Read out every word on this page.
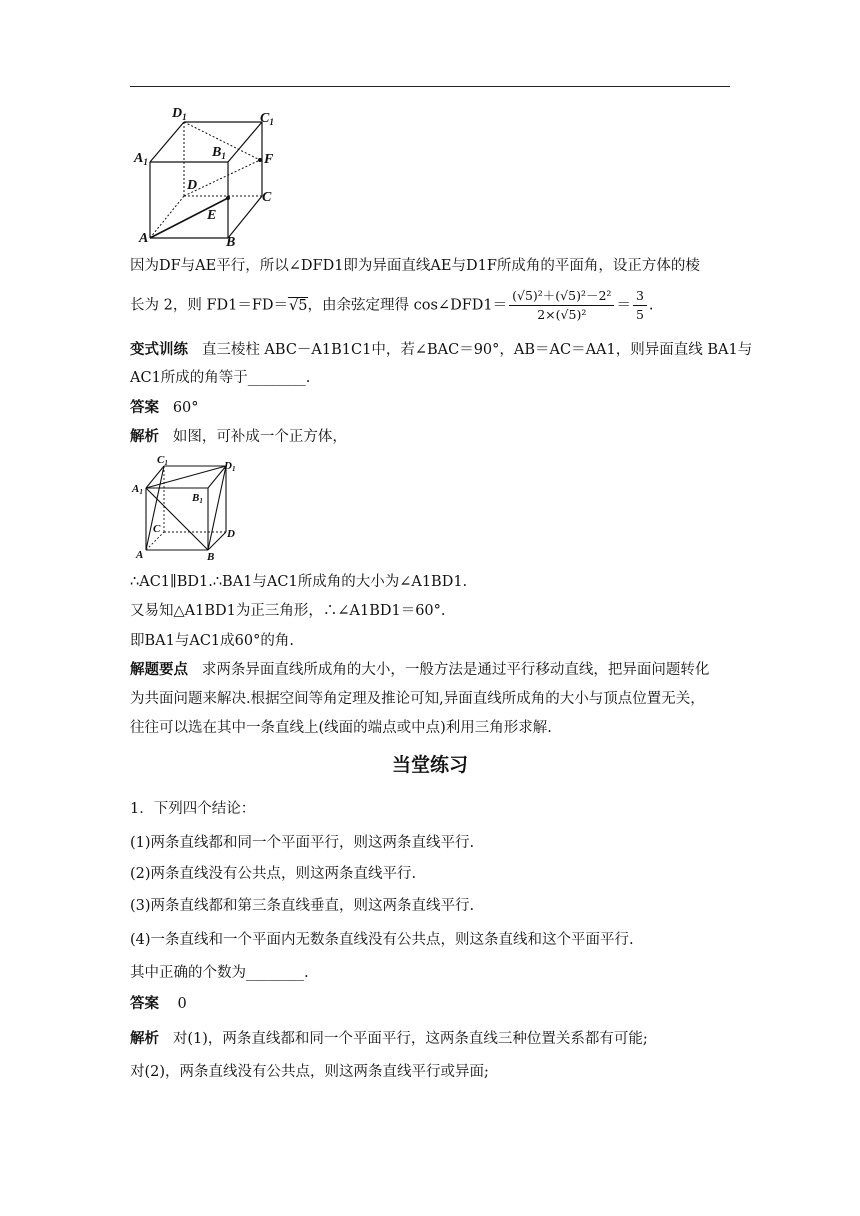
$D_1$	$C_1$
$A_1$
$B_1$	F
D
C
E
A	B
因为DF与AE平行，所以∠DFD1即为异面直线AE与D1F所成角的平面角，设正方体的棱
长为 2，则 FD1＝FD＝√5，由余弦定理得 cos∠DFD1＝ $\frac{\text{(√5)²＋(√5)²－2²}}{\text{2×(√5)²}} = \frac{3}{5}$ .
变式训练 直三棱柱 ABC－A1B1C1中，若∠BAC＝90°，AB＝AC＝AA1，则异面直线 BA1与
AC1所成的角等于________.
答案 60°
解析 如图，可补成一个正方体，
C1	D1
A1	B1
C	D
A	B
∴AC1∥BD1.∴BA1与AC1所成角的大小为∠A1BD1.
又易知△A1BD1为正三角形，∴∠A1BD1＝60°.
即BA1与AC1成60°的角.
解题要点 求两条异面直线所成角的大小，一般方法是通过平行移动直线，把异面问题转化
为共面问题来解决.根据空间等角定理及推论可知,异面直线所成角的大小与顶点位置无关，
往往可以选在其中一条直线上(线面的端点或中点)利用三角形求解.
当堂练习
1．下列四个结论：
(1)两条直线都和同一个平面平行，则这两条直线平行.
(2)两条直线没有公共点，则这两条直线平行.
(3)两条直线都和第三条直线垂直，则这两条直线平行.
(4)一条直线和一个平面内无数条直线没有公共点，则这条直线和这个平面平行.
其中正确的个数为________.
答案 0
解析 对(1)，两条直线都和同一个平面平行，这两条直线三种位置关系都有可能;
对(2)，两条直线没有公共点，则这两条直线平行或异面;
